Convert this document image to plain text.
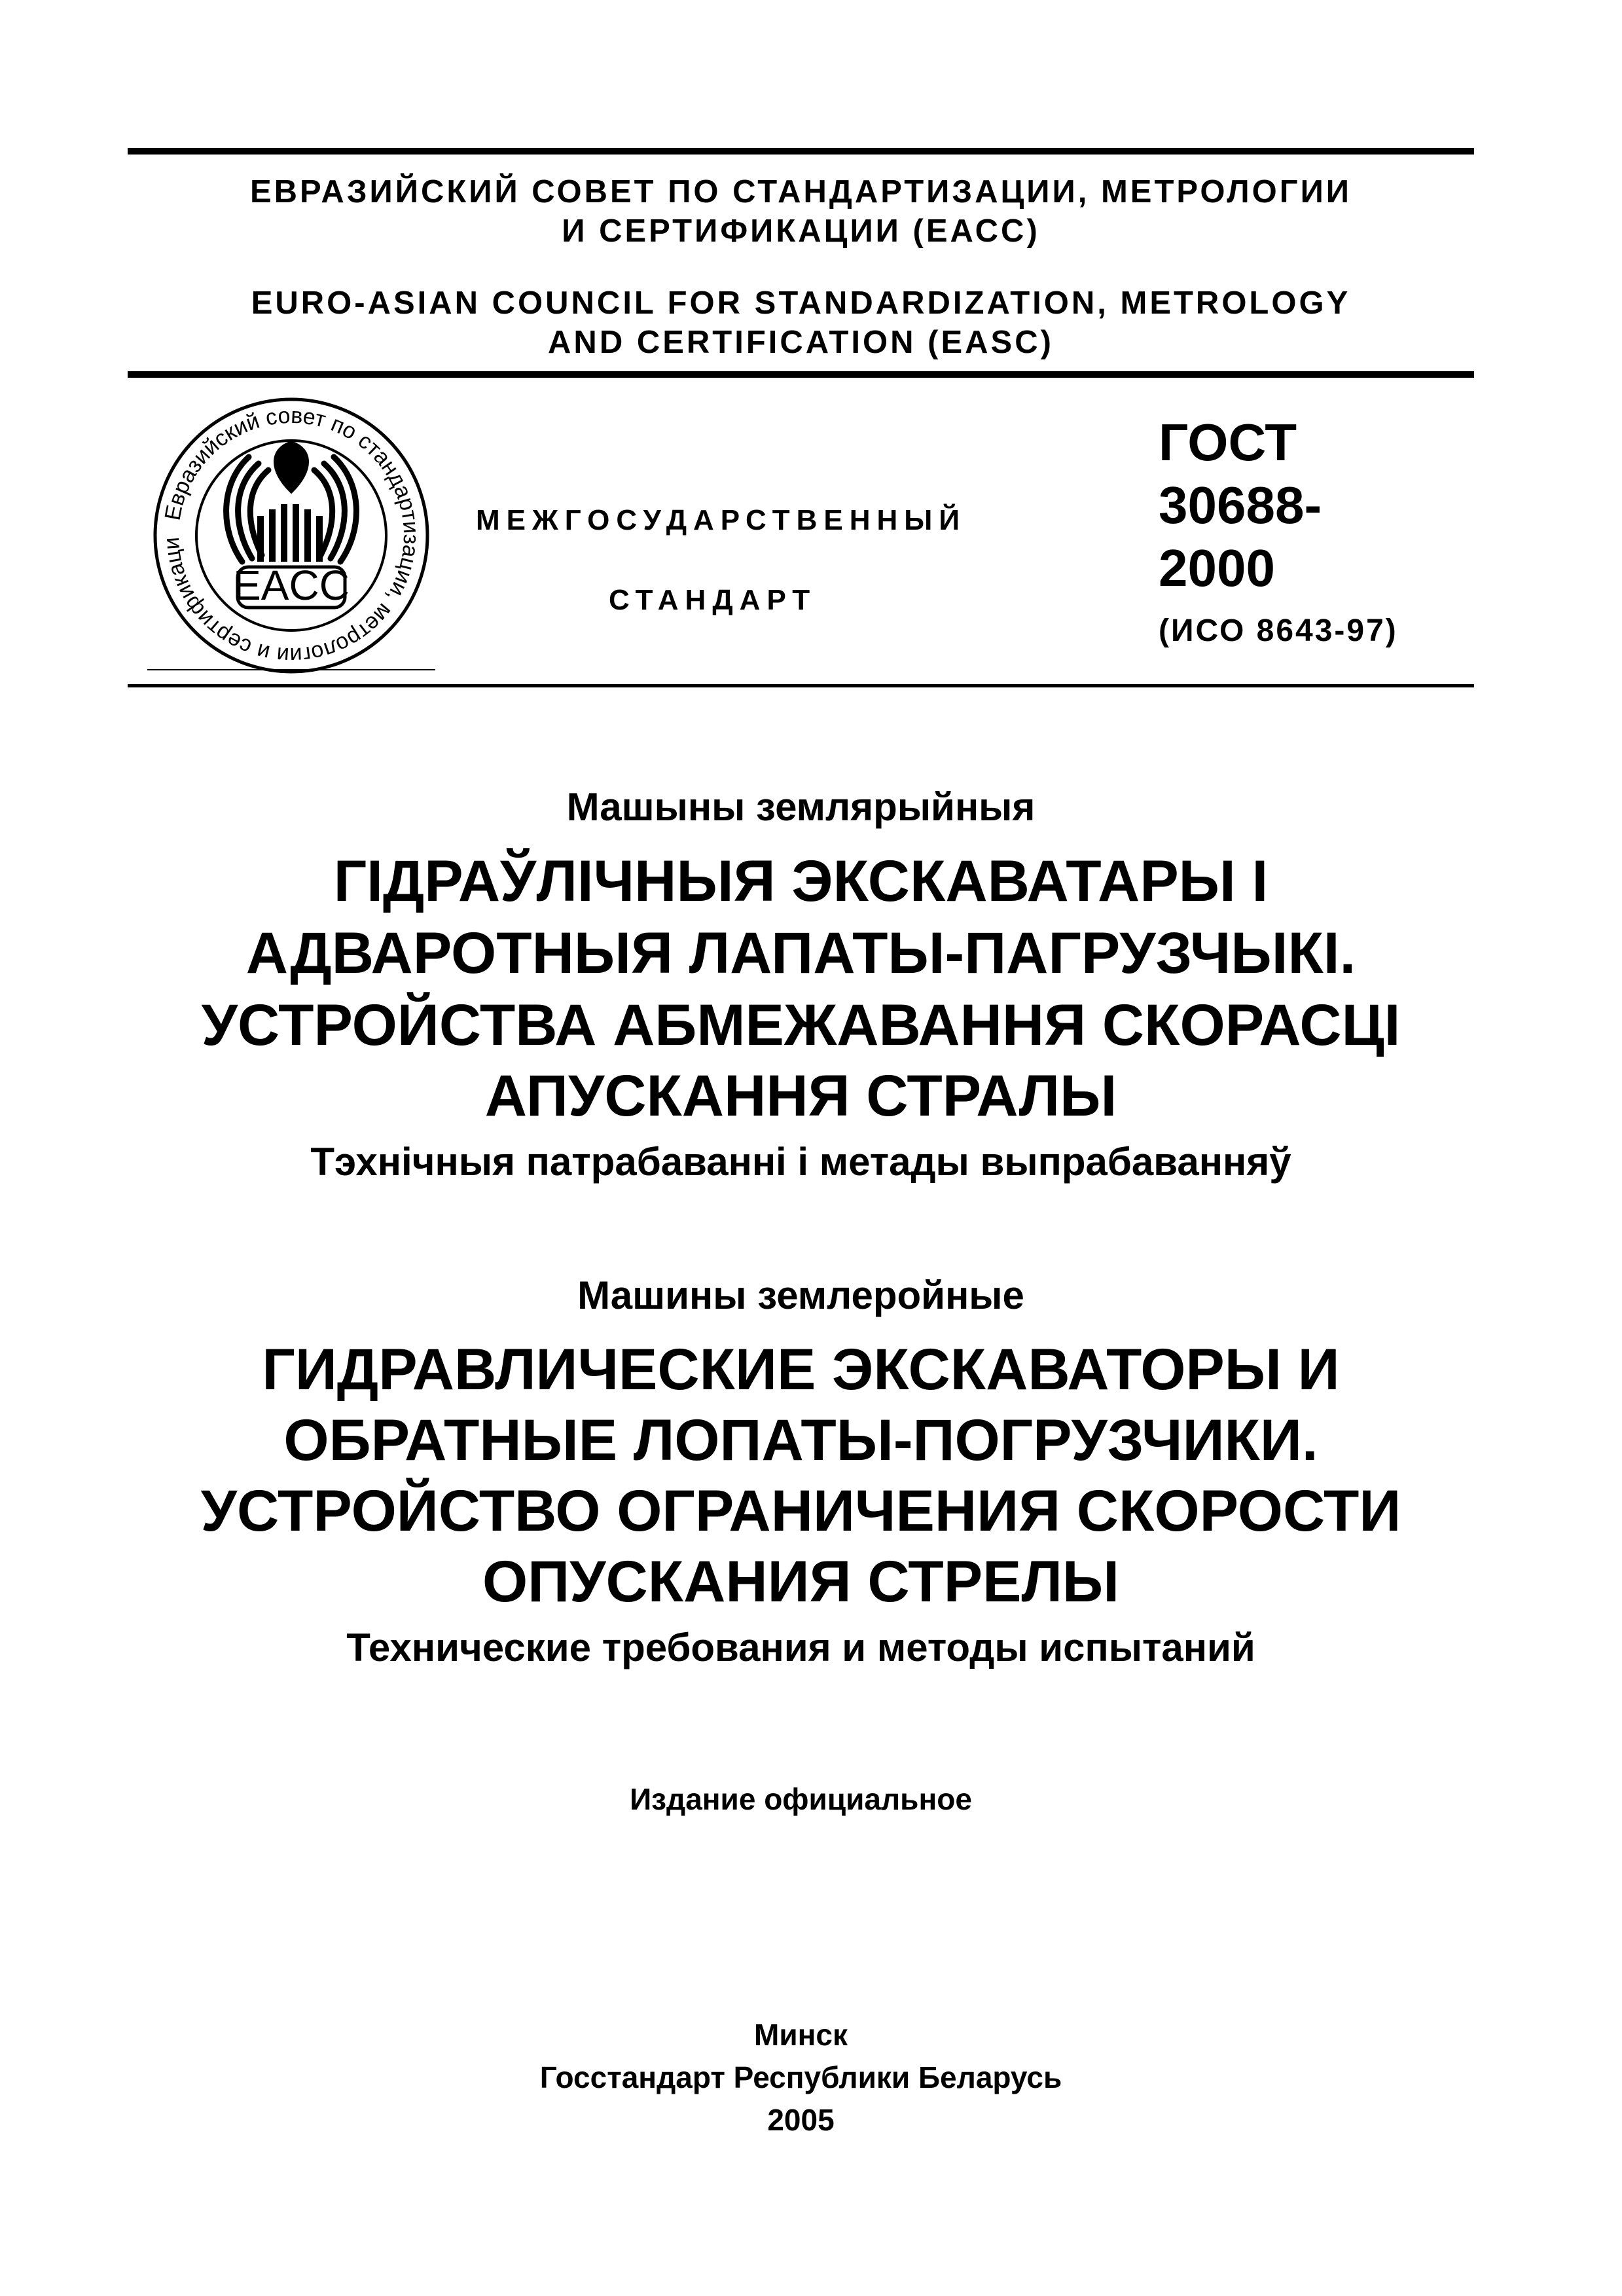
ЕВРАЗИЙСКИЙ СОВЕТ ПО СТАНДАРТИЗАЦИИ, МЕТРОЛОГИИ
И СЕРТИФИКАЦИИ (ЕАСС)
EURO-ASIAN COUNCIL FOR STANDARDIZATION, METROLOGY
AND CERTIFICATION (EASC)
Евразийский совет по стандартизации, метрологии и сертификаци
EACC
МЕЖГОСУДАРСТВЕННЫЙ
СТАНДАРТ
ГОСТ
30688-
2000
(ИСО 8643-97)
Машыны землярыйныя
ГІДРАЎЛІЧНЫЯ ЭКСКАВАТАРЫ І
АДВАРОТНЫЯ ЛАПАТЫ-ПАГРУЗЧЫКІ.
УСТРОЙСТВА АБМЕЖАВАННЯ СКОРАСЦІ
АПУСКАННЯ СТРАЛЫ
Тэхнічныя патрабаванні і метады выпрабаванняў
Машины землеройные
ГИДРАВЛИЧЕСКИЕ ЭКСКАВАТОРЫ И
ОБРАТНЫЕ ЛОПАТЫ-ПОГРУЗЧИКИ.
УСТРОЙСТВО ОГРАНИЧЕНИЯ СКОРОСТИ
ОПУСКАНИЯ СТРЕЛЫ
Технические требования и методы испытаний
Издание официальное
Минск
Госстандарт Республики Беларусь
2005
